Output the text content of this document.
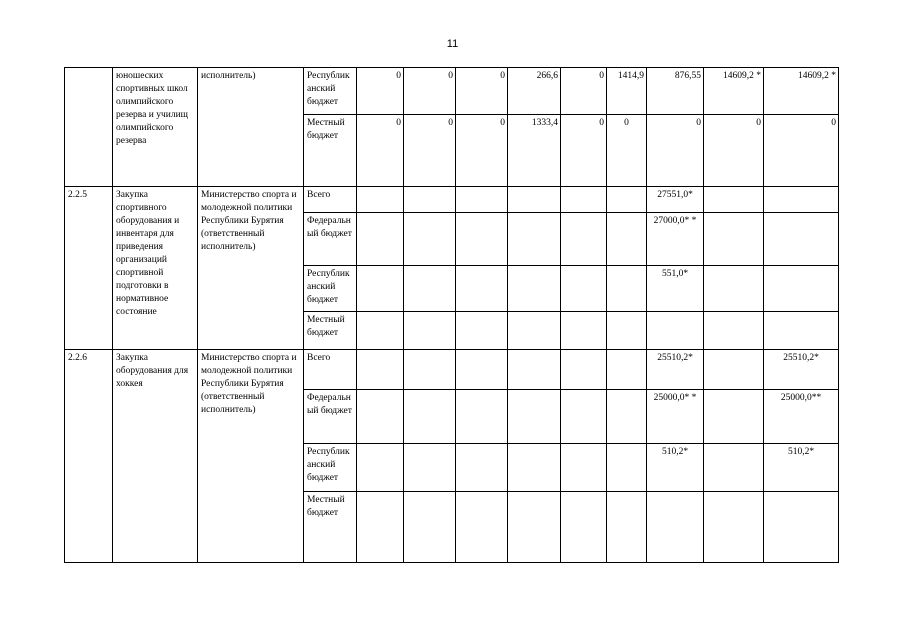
11
	юношеских спортивных школ олимпийского резерва и училищ олимпийского резерва	исполнитель)	Республиканский бюджет	0	0	0	266,6	0	1414,9	876,55	14609,2 *	14609,2 *
			Местный бюджет	0	0	0	1333,4	0	0	0	0	0
2.2.5	Закупка спортивного оборудования и инвентаря для приведения организаций спортивной подготовки в нормативное состояние	Министерство спорта и молодежной политики Республики Бурятия (ответственный исполнитель)	Всего							27551,0*		
			Федеральный бюджет							27000,0* *		
			Республиканский бюджет							551,0*		
			Местный бюджет									
2.2.6	Закупка оборудования для хоккея	Министерство спорта и молодежной политики Республики Бурятия (ответственный исполнитель)	Всего							25510,2*		25510,2*
			Федеральный бюджет							25000,0* *		25000,0**
			Республиканский бюджет							510,2*		510,2*
			Местный бюджет									
